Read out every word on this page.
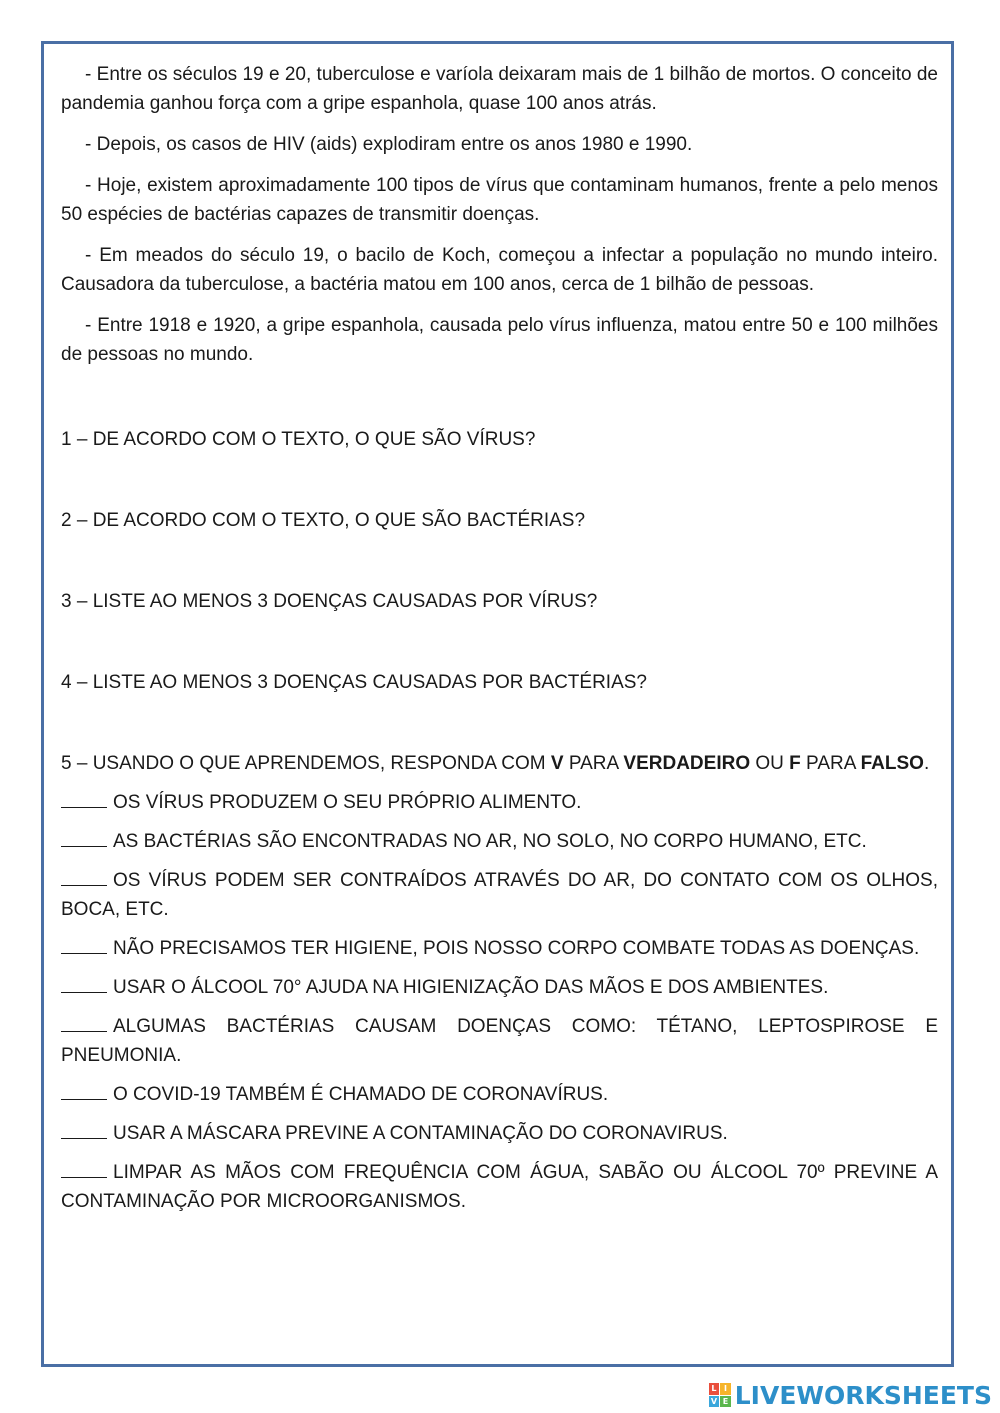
- Entre os séculos 19 e 20, tuberculose e varíola deixaram mais de 1 bilhão de mortos. O conceito de pandemia ganhou força com a gripe espanhola, quase 100 anos atrás.

- Depois, os casos de HIV (aids) explodiram entre os anos 1980 e 1990.

- Hoje, existem aproximadamente 100 tipos de vírus que contaminam humanos, frente a pelo menos 50 espécies de bactérias capazes de transmitir doenças.

- Em meados do século 19, o bacilo de Koch, começou a infectar a população no mundo inteiro. Causadora da tuberculose, a bactéria matou em 100 anos, cerca de 1 bilhão de pessoas.

- Entre 1918 e 1920, a gripe espanhola, causada pelo vírus influenza, matou entre 50 e 100 milhões de pessoas no mundo.

1 – DE ACORDO COM O TEXTO, O QUE SÃO VÍRUS?

2 – DE ACORDO COM O TEXTO, O QUE SÃO BACTÉRIAS?

3 – LISTE AO MENOS 3 DOENÇAS CAUSADAS POR VÍRUS?

4 – LISTE AO MENOS 3 DOENÇAS CAUSADAS POR BACTÉRIAS?

5 – USANDO O QUE APRENDEMOS, RESPONDA COM V PARA VERDADEIRO OU F PARA FALSO.

OS VÍRUS PRODUZEM O SEU PRÓPRIO ALIMENTO.

AS BACTÉRIAS SÃO ENCONTRADAS NO AR, NO SOLO, NO CORPO HUMANO, ETC.

OS VÍRUS PODEM SER CONTRAÍDOS ATRAVÉS DO AR, DO CONTATO COM OS OLHOS, BOCA, ETC.

NÃO PRECISAMOS TER HIGIENE, POIS NOSSO CORPO COMBATE TODAS AS DOENÇAS.

USAR O ÁLCOOL 70° AJUDA NA HIGIENIZAÇÃO DAS MÃOS E DOS AMBIENTES.

ALGUMAS BACTÉRIAS CAUSAM DOENÇAS COMO: TÉTANO, LEPTOSPIROSE E PNEUMONIA.

O COVID-19 TAMBÉM É CHAMADO DE CORONAVÍRUS.

USAR A MÁSCARA PREVINE A CONTAMINAÇÃO DO CORONAVIRUS.

LIMPAR AS MÃOS COM FREQUÊNCIA COM ÁGUA, SABÃO OU ÁLCOOL 70º PREVINE A CONTAMINAÇÃO POR MICROORGANISMOS.

L I
V E LIVEWORKSHEETS
